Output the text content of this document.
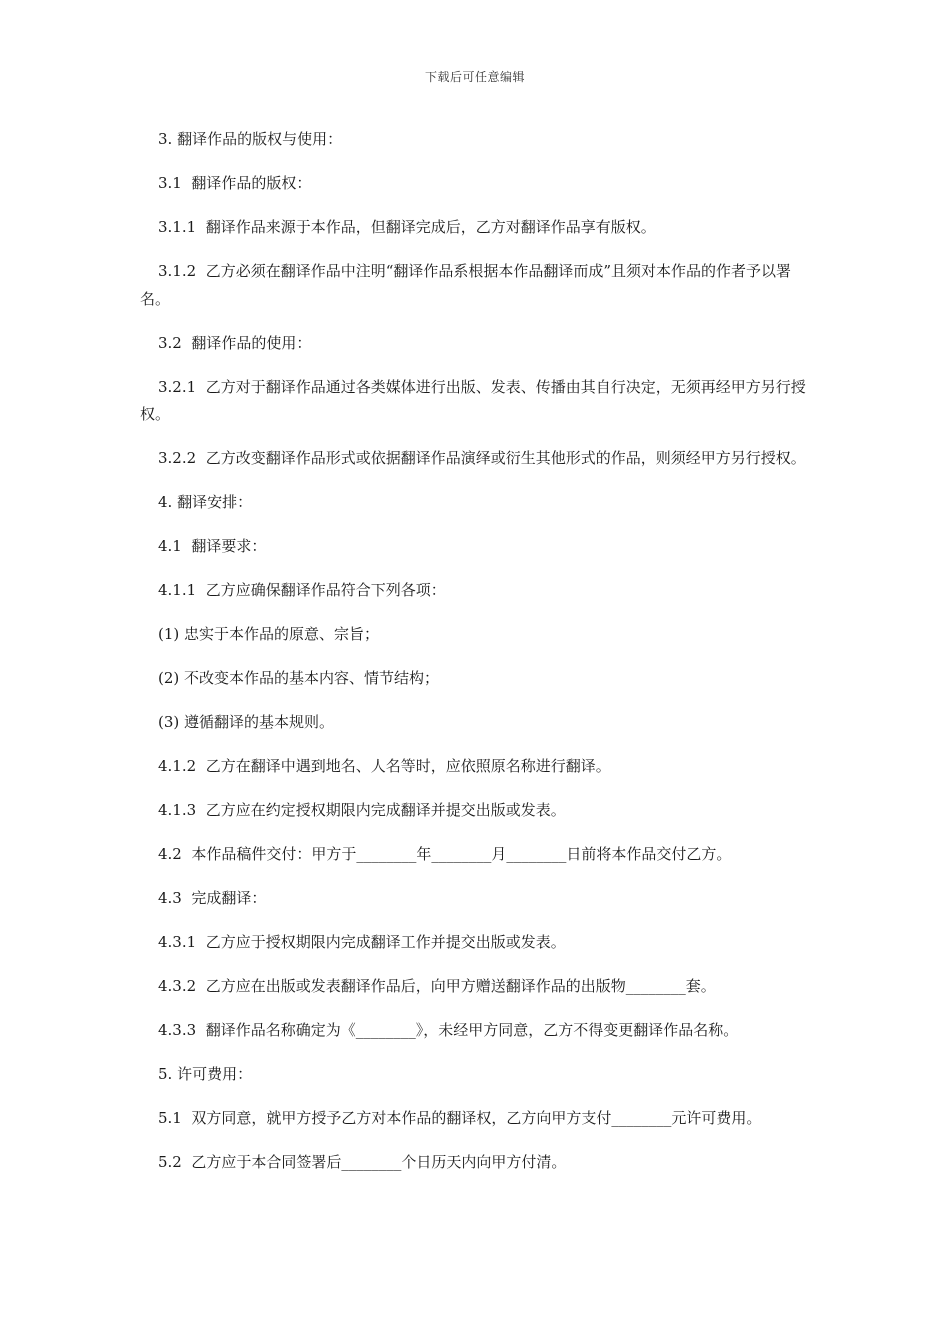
下载后可任意编辑

3. 翻译作品的版权与使用：

3.1  翻译作品的版权：

3.1.1  翻译作品来源于本作品，但翻译完成后，乙方对翻译作品享有版权。

3.1.2  乙方必须在翻译作品中注明“翻译作品系根据本作品翻译而成”且须对本作品的作者予以署名。

3.2  翻译作品的使用：

3.2.1  乙方对于翻译作品通过各类媒体进行出版、发表、传播由其自行决定，无须再经甲方另行授权。

3.2.2  乙方改变翻译作品形式或依据翻译作品演绎或衍生其他形式的作品，则须经甲方另行授权。

4. 翻译安排：

4.1  翻译要求：

4.1.1  乙方应确保翻译作品符合下列各项：

(1) 忠实于本作品的原意、宗旨；

(2) 不改变本作品的基本内容、情节结构；

(3) 遵循翻译的基本规则。

4.1.2  乙方在翻译中遇到地名、人名等时，应依照原名称进行翻译。

4.1.3  乙方应在约定授权期限内完成翻译并提交出版或发表。

4.2  本作品稿件交付：甲方于________年________月________日前将本作品交付乙方。

4.3  完成翻译：

4.3.1  乙方应于授权期限内完成翻译工作并提交出版或发表。

4.3.2  乙方应在出版或发表翻译作品后，向甲方赠送翻译作品的出版物________套。

4.3.3  翻译作品名称确定为《________》，未经甲方同意，乙方不得变更翻译作品名称。

5. 许可费用：

5.1  双方同意，就甲方授予乙方对本作品的翻译权，乙方向甲方支付________元许可费用。

5.2  乙方应于本合同签署后________个日历天内向甲方付清。
